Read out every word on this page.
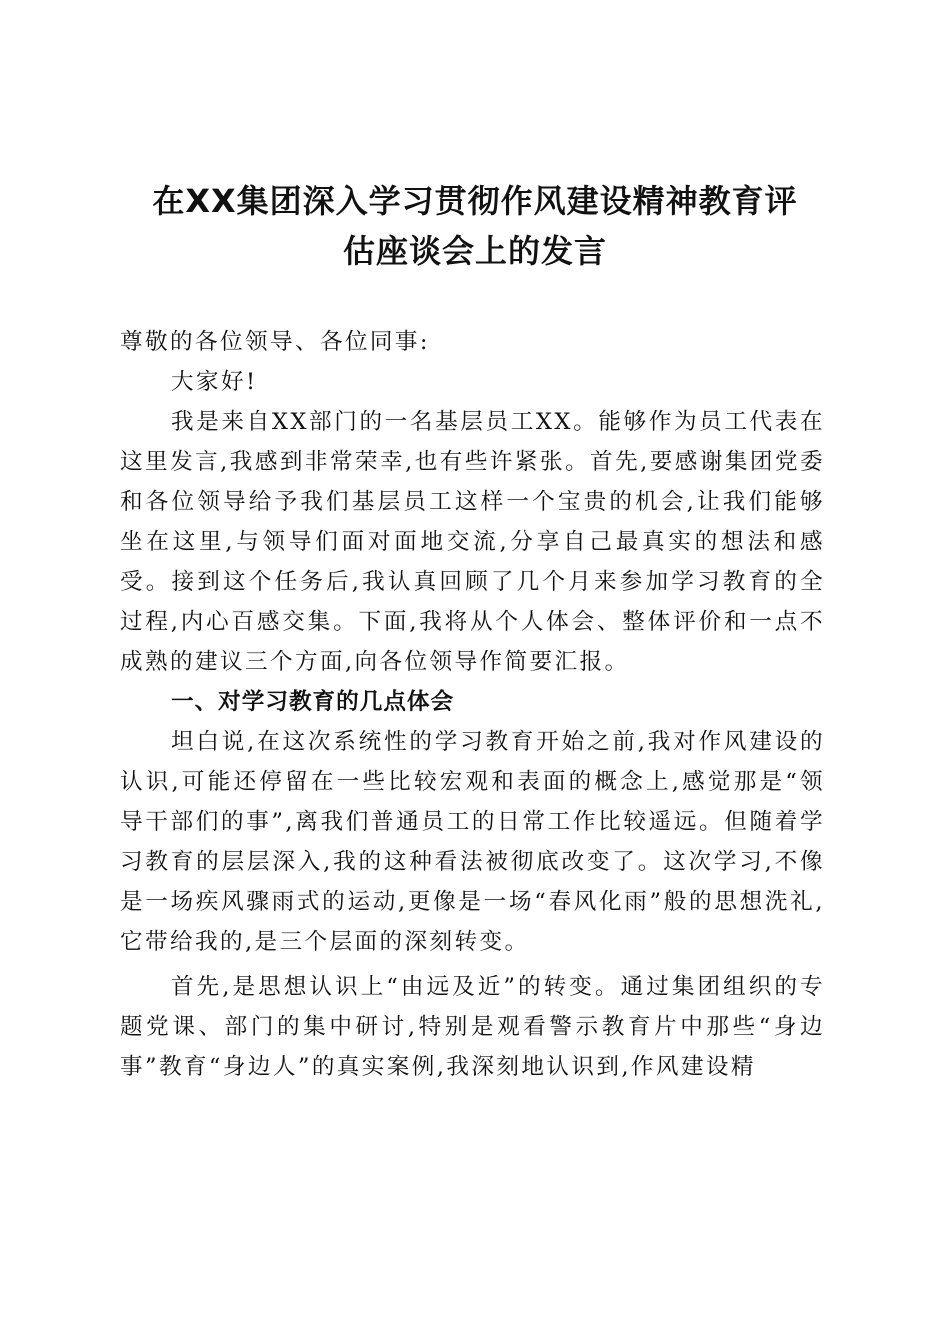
在XX集团深入学习贯彻作风建设精神教育评
估座谈会上的发言

尊敬的各位领导、各位同事:

大家好!

我是来自XX部门的一名基层员工XX。能够作为员工代表在这里发言,我感到非常荣幸,也有些许紧张。首先,要感谢集团党委和各位领导给予我们基层员工这样一个宝贵的机会,让我们能够坐在这里,与领导们面对面地交流,分享自己最真实的想法和感受。接到这个任务后,我认真回顾了几个月来参加学习教育的全过程,内心百感交集。下面,我将从个人体会、整体评价和一点不成熟的建议三个方面,向各位领导作简要汇报。

一、对学习教育的几点体会

坦白说,在这次系统性的学习教育开始之前,我对作风建设的认识,可能还停留在一些比较宏观和表面的概念上,感觉那是“领导干部们的事”,离我们普通员工的日常工作比较遥远。但随着学习教育的层层深入,我的这种看法被彻底改变了。这次学习,不像是一场疾风骤雨式的运动,更像是一场“春风化雨”般的思想洗礼,它带给我的,是三个层面的深刻转变。

首先,是思想认识上“由远及近”的转变。通过集团组织的专题党课、部门的集中研讨,特别是观看警示教育片中那些“身边事”教育“身边人”的真实案例,我深刻地认识到,作风建设精
